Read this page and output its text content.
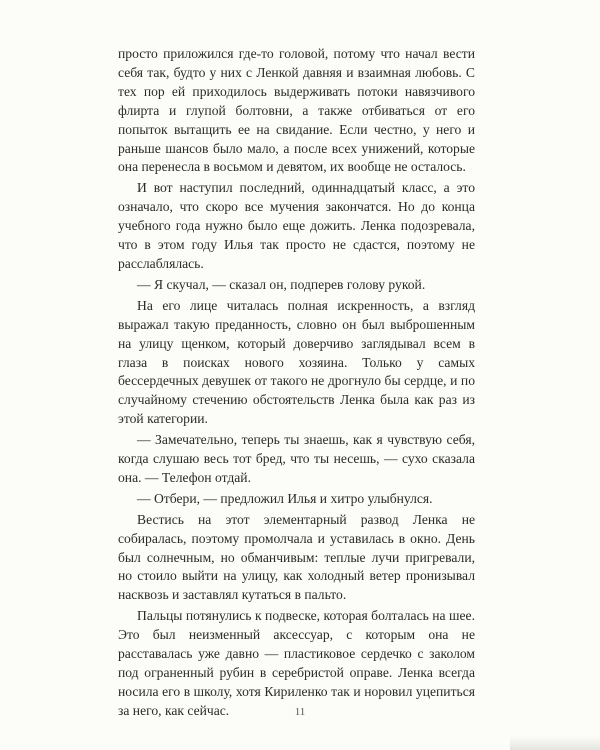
просто приложился где-то головой, потому что начал вести себя так, будто у них с Ленкой давняя и взаимная любовь. С тех пор ей приходилось выдерживать потоки навязчивого флирта и глупой болтовни, а также отбиваться от его попыток вытащить ее на свидание. Если честно, у него и раньше шансов было мало, а после всех унижений, которые она перенесла в восьмом и девятом, их вообще не осталось.

И вот наступил последний, одиннадцатый класс, а это означало, что скоро все мучения закончатся. Но до конца учебного года нужно было еще дожить. Ленка подозревала, что в этом году Илья так просто не сдастся, поэтому не расслаблялась.

— Я скучал, — сказал он, подперев голову рукой.

На его лице читалась полная искренность, а взгляд выражал такую преданность, словно он был выброшенным на улицу щенком, который доверчиво заглядывал всем в глаза в поисках нового хозяина. Только у самых бессердечных девушек от такого не дрогнуло бы сердце, и по случайному стечению обстоятельств Ленка была как раз из этой категории.

— Замечательно, теперь ты знаешь, как я чувствую себя, когда слушаю весь тот бред, что ты несешь, — сухо сказала она. — Телефон отдай.

— Отбери, — предложил Илья и хитро улыбнулся.

Вестись на этот элементарный развод Ленка не собиралась, поэтому промолчала и уставилась в окно. День был солнечным, но обманчивым: теплые лучи пригревали, но стоило выйти на улицу, как холодный ветер пронизывал насквозь и заставлял кутаться в пальто.

Пальцы потянулись к подвеске, которая болталась на шее. Это был неизменный аксессуар, с которым она не расставалась уже давно — пластиковое сердечко с заколом под ограненный рубин в серебристой оправе. Ленка всегда носила его в школу, хотя Кириленко так и норовил уцепиться за него, как сейчас.	11
